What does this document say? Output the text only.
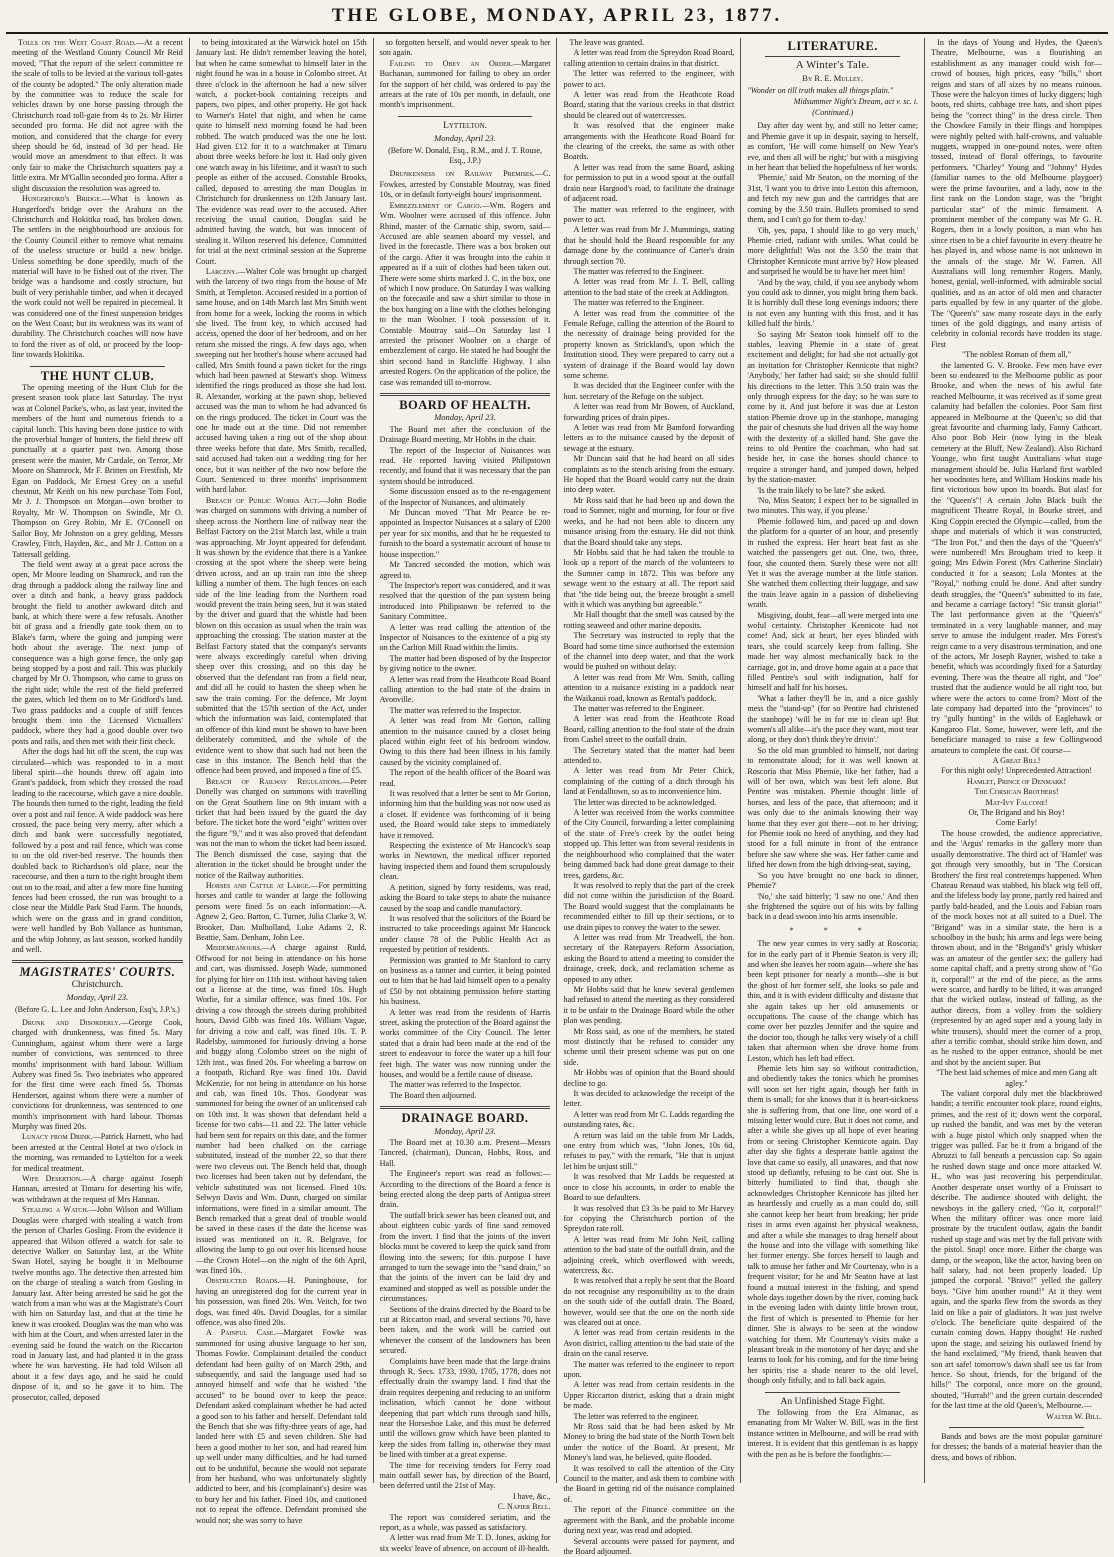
THE GLOBE, MONDAY, APRIL 23, 1877.

Tolls on the West Coast Road.—At a recent meeting of the Westland County Council Mr Reid moved, "That the report of the select committee re the scale of tolls to be levied at the various toll-gates of the county be adopted." The only alteration made by the committee was to reduce the scale for vehicles drawn by one horse passing through the Christchurch road toll-gate from 4s to 2s. Mr Hirter seconded pro forma. He did not agree with the motion, and considered that the charge for every sheep should be 6d, instead of 3d per head. He would move an amendment to that effect. It was only fair to make the Christchurch squatters pay a little extra. Mr M'Gallin seconded pro forma. After a slight discussion the resolution was agreed to.

Hungerford's Bridge.—What is known as Hungerford's bridge over the Arahura on the Christchurch and Hokitika road, has broken down. The settlers in the neighbourhood are anxious for the County Council either to remove what remains of the useless structure or build a new bridge. Unless something be done speedily, much of the material will have to be fished out of the river. The bridge was a handsome and costly structure, but built of very perishable timber, and when it decayed the work could not well be repaired in piecemeal. It was considered one of the finest suspension bridges on the West Coast; but its weakness was its want of durability. The Christchurch coaches will now have to ford the river as of old, or proceed by the loop-line towards Hokitika.

THE HUNT CLUB.

The opening meeting of the Hunt Club for the present season took place last Saturday. The tryst was at Colonel Packe's, who, as last year, invited the members of the hunt and numerous friends to a capital lunch. This having been done justice to with the proverbial hunger of hunters, the field threw off punctually at a quarter past two. Among those present were the master, Mr Cardale, on Terror, Mr Moore on Shamrock, Mr F. Britten on Frestfish, Mr Egan on Paddock, Mr Ernest Grey on a useful chestnut, Mr Keith on his new purchase Tom Fool, Mr J. J. Thompson on Morgan—own brother to Royalty, Mr W. Thompson on Swindle, Mr O. Thompson on Grey Robin, Mr E. O'Connell on Sailor Boy, Mr Johnston on a grey gelding, Messrs Crawley, Fitch, Hayden, &c., and Mr J. Cotton on a Tattersall gelding.

The field went away at a great pace across the open, Mr Moore leading on Shamrock, and ran the drag through a paddock along the railway line and over a ditch and bank, a heavy grass paddock brought the field to another awkward ditch and bank, at which there were a few refusals. Another bit of grass and a friendly gate took them on to Blake's farm, where the going and jumping were both about the average. The next jump of consequence was a high gorse fence, the only gap being stopped by a post and rail. This was pluckily charged by Mr O. Thompson, who came to grass on the right side; while the rest of the field preferred the gates, which led them on to Mr Gridford's land. Two grass paddocks and a couple of stiff fences brought them into the Licensed Victuallers' paddock, where they had a good double over two posts and rails, and then met with their first check.

After the dogs had hit off the scent, the cup was circulated—which was responded to in a most liberal spirit—the hounds threw off again into Grant's paddock, from which they crossed the road leading to the racecourse, which gave a nice double. The hounds then turned to the right, leading the field over a post and rail fence. A wide paddock was here crossed, the pace being very merry, after which a ditch and bank were successfully negotiated, followed by a post and rail fence, which was come to on the old river-bed reserve. The hounds then doubled back to Richardson's old place, near the racecourse, and then a turn to the right brought them out on to the road, and after a few more fine hunting fences had been crossed, the run was brought to a close near the Middle Park Stud Farm. The hounds, which were on the grass and in grand condition, were well handled by Bob Vallance as huntsman, and the whip Johnny, as last season, worked handily and well.

MAGISTRATES' COURTS.
Christchurch.
Monday, April 23.
(Before G. L. Lee and John Anderson, Esq's, J.P.'s.)

Drunk and Disorderly.—George Cook, charged with drunkenness, was fined 5s. Mary Cunningham, against whom there were a large number of convictions, was sentenced to three months' imprisonment with hard labour. William Aubrey was fined 5s. Two inebriates who appeared for the first time were each fined 5s. Thomas Henderson, against whom there were a number of convictions for drunkenness, was sentenced to one month's imprisonment with hard labour. Thomas Murphy was fined 20s.

Lunacy from Drink.—Patrick Harnett, who had been arrested at the Central Hotel at two o'clock in the morning, was remanded to Lyttelton for a week for medical treatment.

Wife Desertion.—A charge against Joseph Hannan, arrested at Timaru for deserting his wife, was withdrawn at the request of Mrs Hannan.

Stealing a Watch.—John Wilson and William Douglas were charged with stealing a watch from the person of Charles Gosling. From the evidence it appeared that Wilson offered a watch for sale to detective Walker on Saturday last, at the White Swan Hotel, saying he bought it in Melbourne twelve months ago. The detective then arrested him on the charge of stealing a watch from Gosling in January last. After being arrested he said he got the watch from a man who was at the Magistrate's Court with him on Saturday last, and that at the time he knew it was crooked. Douglas was the man who was with him at the Court, and when arrested later in the evening said he found the watch on the Riccarton road in January last, and had planted it in the grass where he was harvesting. He had told Wilson all about it a few days ago, and he said he could dispose of it, and so he gave it to him. The prosecutor, called, deposed

to being intoxicated at the Warwick hotel on 15th January last. He didn't remember leaving the hotel, but when he came somewhat to himself later in the night found he was in a house in Colombo street. At three o'clock in the afternoon he had a new silver watch, a pocket-book containing receipts and papers, two pipes, and other property. He got back to Warner's Hotel that night, and when he came quite to himself next morning found he had been robbed. The watch produced was the one he lost. Had given £12 for it to a watchmaker at Timaru about three weeks before he lost it. Had only given one watch away in his lifetime, and it wasn't to such people as either of the accused. Constable Brooks, called, deposed to arresting the man Douglas in Christchurch for drunkenness on 12th January last. The evidence was read over to the accused. After receiving the usual caution, Douglas said he admitted having the watch, but was innocent of stealing it. Wilson reserved his defence. Committed for trial at the next criminal session at the Supreme Court.

Larceny.—Walter Cole was brought up charged with the larceny of two rings from the house of Mr Smith, at Templeton. Accused resided in a portion of same house, and on 14th March last Mrs Smith went from home for a week, locking the rooms in which she lived. The front key, to which accused had access, opened the door of her bedroom, and on her return she missed the rings. A few days ago, when sweeping out her brother's house where accused had called, Mrs Smith found a pawn ticket for the rings which had been pawned at Stewart's shop. Witness identified the rings produced as those she had lost. R. Alexander, working at the pawn shop, believed accused was the man to whom he had advanced 6s on the rings produced. The ticket in Court was the one he made out at the time. Did not remember accused having taken a ring out of the shop about three weeks before that date. Mrs Smith, recalled, said accused had taken out a wedding ring for her once, but it was neither of the two now before the Court. Sentenced to three months' imprisonment with hard labor.

Breach of Public Works Act.—John Bodie was charged on summons with driving a number of sheep across the Northern line of railway near the Belfast Factory on the 21st March last, while a train was approaching. Mr Joynt appeared for defendant. It was shown by the evidence that there is a Yankee crossing at the spot where the sheep were being driven across, and an up train ran into the sheep killing a number of them. The high fences on each side of the line leading from the Northern road would prevent the train being seen, but it was stated by the driver and guard that the whistle had been blown on this occasion as usual when the train was approaching the crossing. The station master at the Belfast Factory stated that the company's servants were always exceedingly careful when driving sheep over this crossing, and on this day he observed that the defendant ran from a field near, and did all he could to hasten the sheep when he saw the train coming. For the defence, Mr Joynt submitted that the 157th section of the Act, under which the information was laid, contemplated that an offence of this kind must be shown to have been deliberately committed, and the whole of the evidence went to show that such had not been the case in this instance. The Bench held that the offence had been proved, and imposed a fine of £5.

Breach of Railway Regulations.—Peter Donelly was charged on summons with travelling on the Great Southern line on 9th instant with a ticket that had been issued by the guard the day before. The ticket bore the word "eight" written over the figure "9," and it was also proved that defendant was not the man to whom the ticket had been issued. The Bench dismissed the case, saying that the alteration in the ticket should be brought under the notice of the Railway authorities.

Horses and Cattle at Large.—For permitting horses and cattle to wander at large the following persons were fined 5s on each information:—A. Agnew 2, Geo. Barton, C. Turner, Julia Clarke 3, W. Brooker, Dan. Mulholland, Luke Adams 2, R. Beattie, Sam. Denham, John Lee.

Misdemeanours.—A charge against Rudd, Offwood for not being in attendance on his horse and cart, was dismissed. Joseph Wade, summoned for plying for hire on 11th inst. without having taken out a license at the time, was fined 10s. Hugh Worlie, for a similar offence, was fined 10s. For driving a cow through the streets during prohibited hours, David Gibb was fined 10s. William Vague, for driving a cow and calf, was fined 10s. T. P. Radelsby, summoned for furiously driving a horse and buggy along Colombo street on the night of 12th inst., was fined 20s. For wheeling a barrow on a footpath, Richard Rye was fined 10s. David McKenzie, for not being in attendance on his horse and cab, was fined 10s. Thos. Goodyear was summoned for being the owner of an unlicensed cab on 10th inst. It was shown that defendant held a license for two cabs—11 and 22. The latter vehicle had been sent for repairs on this date, and the former number had been chalked on the carriage substituted, instead of the number 22, so that there were two cleveus out. The Bench held that, though two licenses had been taken out by defendant, the vehicle substituted was not licensed. Fined 10s. Selwyn Davis and Wm. Dunn, charged on similar informations, were fined in a similar amount. The Bench remarked that a great deal of trouble would be saved in these cases if the date the license was issued was mentioned on it. R. Belgrave, for allowing the lamp to go out over his licensed house—the Crown Hotel—on the night of the 6th April, was fined 10s.

Obstructed Roads.—H. Puninghouse, for having an unregistered dog for the current year in his possession, was fined 20s. Wm. Veitch, for two dogs, was fined 40s. David Douglas, for a similar offence, was also fined 20s.

A Painful Case.—Margaret Fowke was summoned for using abusive language to her son, Thomas Fowke. Complainant detailed the conduct defendant had been guilty of on March 29th, and subsequently, and said the language used had so annoyed himself and wife that he wished "the accused" to be bound over to keep the peace. Defendant asked complainant whether he had acted a good son to his father and herself. Defendant told the Bench that she was fifty-three years of age, had landed here with £5 and seven children. She had been a good mother to her son, and had reared him up well under many difficulties, and he had turned out to be undutiful, because she would not separate from her husband, who was unfortunately slightly addicted to beer, and his (complainant's) desire was to bury her and his father. Fined 10s, and cautioned not to repeat the offence. Defendant promised she would not; she was sorry to have

so forgotten herself, and would never speak to her son again.

Failing to Obey an Order.—Margaret Buchanan, summoned for failing to obey an order for the support of her child, was ordered to pay the arrears at the rate of 10s per month, in default, one month's imprisonment.

Lyttelton.
Monday, April 23.
(Before W. Donald, Esq., R.M., and J. T. Rouse, Esq., J.P.)

Drunkenness on Railway Premises.—C. Fowkes, arrested by Constable Moutray, was fined 10s, or in default forty-eight hours' imprisonment.

Embezzlement of Cargo.—Wm. Rogers and Wm. Woolner were accused of this offence. John Rhind, master of the Carnatic ship, sworn, said—Accused are able seamen aboard my vessel, and lived in the forecastle. There was a box broken out of the cargo. After it was brought into the cabin it appeared as if a suit of clothes had been taken out. There were some shirts marked J. C. in the box, one of which I now produce. On Saturday I was walking on the forecastle and saw a shirt similar to those in the box hanging on a line with the clothes belonging to the man Woolner. I took possession of it. Constable Moutray said—On Saturday last I arrested the prisoner Woolner on a charge of embezzlement of cargo. He stated he had bought the shirt second hand in Ratcliffe Highway. I also arrested Rogers. On the application of the police, the case was remanded till to-morrow.

BOARD OF HEALTH.
Monday, April 23.

The Board met after the conclusion of the Drainage Board meeting, Mr Hobbs in the chair.

The report of the Inspector of Nuisances was read. He reported having visited Philipstown recently, and found that it was necessary that the pan system should be introduced.

Some discussion ensued as to the re-engagement of the Inspector of Nuisances, and ultimately

Mr Duncan moved "That Mr Pearce be re-appointed as Inspector Nuisances at a salary of £200 per year for six months, and that he be requested to furnish to the board a systematic account of house to house inspection."

Mr Tancred seconded the motion, which was agreed to.

The Inspector's report was considered, and it was resolved that the question of the pan system being introduced into Philipstown be referred to the Sanitary Committee.

A letter was read calling the attention of the Inspector of Nuisances to the existence of a pig sty on the Carlton Mill Road within the limits.

The matter had been disposed of by the Inspector by giving notice to the owner.

A letter was read from the Heathcote Road Board calling attention to the bad state of the drains in Avonville.

The matter was referred to the Inspector.

A letter was read from Mr Gorton, calling attention to the nuisance caused by a closet being placed within eight feet of his bedroom window. Owing to this there had been illness in his family caused by the vicinity complained of.

The report of the health officer of the Board was read.

It was resolved that a letter be sent to Mr Gorton, informing him that the building was not now used as a closet. If evidence was forthcoming of it being used, the Board would take steps to immediately have it removed.

Respecting the existence of Mr Hancock's soap works in Newtown, the medical officer reported having inspected them and found them scrupulously clean.

A petition, signed by forty residents, was read, asking the Board to take steps to abate the nuisance caused by the soap and candle manufactory.

It was resolved that the solicitors of the Board be instructed to take proceedings against Mr Hancock under clause 78 of the Public Health Act as requested by petition of residents.

Permission was granted to Mr Stanford to carry on business as a tanner and currier, it being pointed out to him that he had laid himself open to a penalty of £50 by not obtaining permission before starting his business.

A letter was read from the residents of Harris street, asking the protection of the Board against the works committee of the City Council. The letter stated that a drain had been made at the end of the street to endeavour to force the water up a hill four feet high. The water was now running under the houses, and would be a fertile cause of disease.

The matter was referred to the Inspector.

The Board then adjourned.

DRAINAGE BOARD.
Monday, April 23.

The Board met at 10.30 a.m. Present—Messrs Tancred, (chairman), Duncan, Hobbs, Ross, and Hall.

The Engineer's report was read as follows:—According to the directions of the Board a fence is being erected along the deep parts of Antigua street drain.

The outfall brick sewer has been cleaned out, and about eighteen cubic yards of fine sand removed from the invert. I find that the joints of the invert blocks must be covered to keep the quick sand from flowing into the sewers; for this purpose I have arranged to turn the sewage into the "sand drain," so that the joints of the invert can be laid dry and examined and stopped as well as possible under the circumstances.

Sections of the drains directed by the Board to be cut at Riccarton road, and several sections 70, have been taken, and the work will be carried out whenever the consent of the landowners has been secured.

Complaints have been made that the large drains through R. Secs. 1733, 1930, 1705, 1778, does not effectually drain the swampy land. I find that the drain requires deepening and reducing to an uniform inclination, which cannot be done without deepening that part which runs through sand hills, near the Horseshoe Lake, and this must be deferred until the willows grow which have been planted to keep the sides from falling in, otherwise they must be lined with timber at a great expense.

The time for receiving tenders for Ferry road main outfall sewer has, by direction of the Board, been deferred until the 21st of May.

I have, &c.,

C. Napier Bell.

The report was considered seriatim, and the report, as a whole, was passed as satisfactory.

A letter was read from Mr T. D. Jones, asking for six weeks' leave of absence, on account of ill-health.

The leave was granted.

A letter was read from the Spreydon Road Board, calling attention to certain drains in that district.

The letter was referred to the engineer, with power to act.

A letter was read from the Heathcote Road Board, stating that the various creeks in that district should be cleared out of watercresses.

It was resolved that the engineer make arrangements with the Heathcote Road Board for the clearing of the creeks, the same as with other Boards.

A letter was read from the same Board, asking for permission to put in a wood spout at the outfall drain near Hargood's road, to facilitate the drainage of adjacent road.

The matter was referred to the engineer, with power to act.

A letter was read from Mr J. Mummings, stating that he should hold the Board responsible for any damage done by the continuance of Carter's drain through section 70.

The matter was referred to the Engineer.

A letter was read from Mr J. T. Bell, calling attention to the bad state of the creek at Addington.

The matter was referred to the Engineer.

A letter was read from the committee of the Female Refuge, calling the attention of the Board to the necessity of drainage being provided for the property known as Strickland's, upon which the Institution stood. They were prepared to carry out a system of drainage if the Board would lay down some scheme.

It was decided that the Engineer confer with the hon. secretary of the Refuge on the subject.

A letter was read from Mr Bowen, of Auckland, forwarding prices of drain pipes.

A letter was read from Mr Bamford forwarding letters as to the nuisance caused by the deposit of sewage at the estuary.

Mr Duncan said that he had heard on all sides complaints as to the stench arising from the estuary. He hoped that the Board would carry out the drain into deep water.

Mr Ross said that he had been up and down the road to Sumner, night and morning, for four or five weeks, and he had not been able to discern any nuisance arising from the estuary. He did not think that the Board should take any steps.

Mr Hobbs said that he had taken the trouble to look up a report of the march of the volunteers to the Sumner camp in 1872. This was before any sewage went to the estuary at all. The report said that "the tide being out, the breeze brought a smell with it which was anything but agreeable."

Mr Hall thought that the smell was caused by the rotting seaweed and other marine deposits.

The Secretary was instructed to reply that the Board had some time since authorised the extension of the channel into deep water, and that the work would be pushed on without delay.

A letter was read from Mr Wm. Smith, calling attention to a nuisance existing in a paddock near the Waikanui road, known as Rental's paddock.

The matter was referred to the Engineer.

A letter was read from the Heathcote Road Board, calling attention to the foul state of the drain from Cashel street to the outfall drain.

The Secretary stated that the matter had been attended to.

A letter was read from Mr Peter Chick, complaining of the cutting of a ditch through his land at Fendalltown, so as to inconvenience him.

The letter was directed to be acknowledged.

A letter was received from the works committee of the City Council, forwarding a letter complaining of the state of Free's creek by the outlet being stopped up. This letter was from several residents in the neighbourhood who complained that the water being dammed back had done great damage to their trees, gardens, &c.

It was resolved to reply that the part of the creek did not come within the jurisdiction of the Board. The Board would suggest that the complainants be recommended either to fill up their sections, or to use drain pipes to convey the water to the sewer.

A letter was read from Mr Treadwell, the hon. secretary of the Ratepayers Reform Association, asking the Board to attend a meeting to consider the drainage, creek, dock, and reclamation scheme as opposed to any other.

Mr Hobbs said that he knew several gentlemen had refused to attend the meeting as they considered it to be unfair to the Drainage Board while the other plan was pending.

Mr Ross said, as one of the members, he stated most distinctly that he refused to consider any scheme until their present scheme was put on one side.

Mr Hobbs was of opinion that the Board should decline to go.

It was decided to acknowledge the receipt of the letter.

A letter was read from Mr C. Ladds regarding the outstanding rates, &c.

A return was laid on the table from Mr Ladds, one entry from which was, "John Jones, 10s 6d, refuses to pay," with the remark, "He that is unjust let him be unjust still."

It was resolved that Mr Ladds be requested at once to close his accounts, in order to enable the Board to sue defaulters.

It was resolved that £3 3s be paid to Mr Harvey for copying the Christchurch portion of the Spreydon rate roll.

A letter was read from Mr John Neil, calling attention to the bad state of the outfall drain, and the adjoining creek, which overflowed with weeds, watercress, &c.

It was resolved that a reply be sent that the Board do not recognise any responsibility as to the drain on the south side of the outfall drain. The Board, however, would see that the one on the north side was cleared out at once.

A letter was read from certain residents in the Avon district, calling attention to the bad state of the drain on the canal reserve.

The matter was referred to the engineer to report upon.

A letter was read from certain residents in the Upper Riccarton district, asking that a drain might be made.

The letter was referred to the engineer.

Mr Ross said that he had been asked by Mr Money to bring the bad state of the North Town belt under the notice of the Board. At present, Mr Money's land was, he believed, quite flooded.

It was resolved to call the attention of the City Council to the matter, and ask them to combine with the Board in getting rid of the nuisance complained of.

The report of the Finance committee on the agreement with the Bank, and the probable income during next year, was read and adopted.

Several accounts were passed for payment, and the Board adjourned.

LITERATURE.
A Winter's Tale.
By R. E. Mulley.

"Wonder on till truth makes all things plain."

Midsummer Night's Dream, act v. sc. i.

(Continued.)

Day after day went by, and still no letter came; and Phemie gave it up in despair, saying to herself, as comfort, 'He will come himself on New Year's eve, and then all will be right;' but with a misgiving in her heart that belied the hopefulness of her words.

'Phemie,' said Mr Seaton, on the morning of the 31st, 'I want you to drive into Leston this afternoon, and fetch my new gun and the cartridges that are coming by the 3.50 train. Bullets promised to send them, and I can't go for them to-day.'

'Oh, yes, papa, I should like to go very much,' Phemie cried, radiant with smiles. What could be more delightful! Was not the 3.50 the train that Christopher Kennicote must arrive by? How pleased and surprised he would be to have her meet him!

'And by the way, child, if you see anybody whom you could ask to dinner, you might bring them back. It is horribly dull these long evenings indoors; there is not even any hunting with this frost, and it has killed half the birds.'

So saying Mr Seaton took himself off to the stables, leaving Phemie in a state of great excitement and delight; for had she not actually got an invitation for Christopher Kennicote that night? 'Anybody,' her father had said; so she should fulfil his directions to the letter. This 3.50 train was the only through express for the day; so he was sure to come by it. And just before it was due at Leston station Phemie drove up in the stanhope, managing the pair of chesnuts she had driven all the way home with the dexterity of a skilled hand. She gave the reins to old Pentire the coachman, who had sat beside her, in case the horses should chance to require a stronger hand, and jumped down, helped by the station-master.

'Is the train likely to be late?' she asked.

'No, Miss Seaton; I expect her to be signalled in two minutes. This way, if you please.'

Phemie followed him, and paced up and down the platform for a quarter of an hour, and presently in rushed the express. Her heart beat fast as she watched the passengers get out. One, two, three, four, she counted them. Surely these were not all! Yet it was the average number at the little station. She watched them collecting their luggage, and saw the train leave again in a passion of disbelieving wrath.

Misgiving, doubt, fear—all were merged into one woful certainty. Christopher Kennicote had not come! And, sick at heart, her eyes blinded with tears, she could scarcely keep from falling. She made her way almost mechanically back to the carriage, got in, and drove home again at a pace that filled Pentire's soul with indignation, half for himself and half for his horses.

'What a lather they'll be in, and a nice gashly mess the "stand-up" (for so Pentire had christened the stanhope) 'will be in for me to clean up! But women's all alike—it's the pace they want, most tear along, or they don't think they're drivin'.'

So the old man grumbled to himself, not daring to remonstrate aloud; for it was well known at Roscoria that Miss Phemie, like her father, had a will of her own, which was best left alone. But Pentire was mistaken. Phemie thought little of horses, and less of the pace, that afternoon; and it was only due to the animals knowing their way home that they ever got there—not to her driving; for Phemie took no heed of anything, and they had stood for a full minute in front of the entrance before she saw where she was. Her father came and lifted her down from the high driving-seat, saying,

'So you have brought no one back to dinner, Phemie?'

'No,' she said bitterly; 'I saw no one.' And then she frightened the squire out of his wits by falling back in a dead swoon into his arms insensible.

* * *

The new year comes in very sadly at Roscoria; for in the early part of it Phemie Seaton is very ill; and when she leaves her room again—where she has been kept prisoner for nearly a month—she is but the ghost of her former self, she looks so pale and thin, and it is with evident difficulty and distaste that she again takes up her old amusements or occupations. The cause of the change which has come over her puzzles Jennifer and the squire and the doctor too, though he talks very wisely of a chill taken that afternoon when she drove home from Leston, which has left bad effect.

Phemie lets him say so without contradiction, and obediently takes the tonics which he promises will soon set her right again, though her faith in them is small; for she knows that it is heart-sickness she is suffering from, that one line, one word of a missing letter would cure. But it does not come, and after a while she gives up all hope of ever hearing from or seeing Christopher Kennicote again. Day after day she fights a desperate battle against the love that came so easily, all unawares, and that now stood up defiantly, refusing to be cast out. She is bitterly humiliated to find that, though she acknowledges Christopher Kennicote has jilted her as heartlessly and cruelly as a man could do, still she cannot keep her heart from breaking; her pride rises in arms even against her physical weakness, and after a while she manages to drag herself about the house and into the village with something like her former energy. She forces herself to laugh and talk to amuse her father and Mr Courtenay, who is a frequent visitor; for he and Mr Seaton have at last found a mutual interest in the fishing, and spend whole days together down by the river, coming back in the evening laden with dainty little brown trout, the first of which is presented to Phemie for her dinner. She is always to be seen at the window watching for them. Mr Courtenay's visits make a pleasant break in the monotony of her days; and she learns to look for his coming, and for the time being her spirits rise a shade nearer to the old level, though only fitfully, and to fall back again.

An Unfinished Stage Fight.

The following from the Era Almanac, as emanating from Mr Walter W. Bill, was in the first instance written in Melbourne, and will be read with interest. It is evident that this gentleman is as happy with the pen as he is before the footlights:—

In the days of Young and Hydes, the Queen's Theatre, Melbourne, was a flourishing an establishment as any manager could wish for—crowd of houses, high prices, easy "bills," short reigns and stars of all sizes by no means ruinous. Those were the halcyon times of lucky diggers; high boots, red shirts, cabbage tree hats, and short pipes being the "correct thing" in the dress circle. Then the Chowkee Family in their flings and hornpipes were nightly pelted with half-crowns, and valuable nuggets, wrapped in one-pound notes, were often tossed, instead of floral offerings, to favourite performers. "Charley" Young and "Johnny" Hydes (familiar names to the old Melbourne playgoer) were the prime favourites, and a lady, now in the first rank on the London stage, was the "bright particular star" of the mimic firmament. A prominent member of the company was Mr G. H. Rogers, then in a lowly position, a man who has since risen to be a chief favourite in every theatre he has played in, and whose name is not unknown in the annals of the stage. Mr W. Farren. All Australians will long remember Rogers. Manly, honest, genial, well-informed, with admirable social qualities, and as an actor of old men and character parts equalled by few in any quarter of the globe. The "Queen's" saw many roseate days in the early times of the gold diggings, and many artists of celebrity in colonial records have trodden its stage. First

"The noblest Roman of them all,"

the lamented G. V. Brooke. Few men have ever been so endeared to the Melbourne public as poor Brooke, and when the news of his awful fate reached Melbourne, it was received as if some great calamity had befallen the colonies. Poor Sam first appeared in Melbourne at the Queen's; so did that great favourite and charming lady, Fanny Cathcart. Also poor Bob Heir (now lying in the bleak cemetery at the Bluff, New Zealand). Also Richard Younge, who first taught Australians what stage management should be. Julia Harland first warbled her woodnotes here, and William Hoskins made his first victorious bow upon its boards. But alas! for the "Queen's"! A certain John Black built the magnificent Theatre Royal, in Bourke street, and King Coppin erected the Olympic—called, from the shape and materials of which it was constructed, "The Iron Pot," and then the days of the "Queen's" were numbered! Mrs Brougham tried to keep it going; Mrs Edwin Forest (Mrs Catherine Sinclair) conducted it for a season; Lola Montes at the "Royal," nothing could be done. And after sundry death struggles, the "Queen's" submitted to its fate, and became a carriage factory! "Sic transit gloria!" The last performance given at the "Queen's" terminated in a very laughable manner, and may serve to amuse the indulgent reader. Mrs Forest's reign came to a very disastrous termination, and one of the actors, Mr Joseph Rayner, wished to take a benefit, which was accordingly fixed for a Saturday evening. There was the theatre all right, and "Joe" trusted that the audience would be all right too, but where were the actors to come from? Most of the late company had departed into the "provinces" to try "gully hunting" in the wilds of Eaglehawk or Kangaroo Flat. Some, however, were left, and the beneficiare managed to raise a few Collingwood amateurs to complete the cast. Of course—

A Great Bill!

For this night only! Unprecedented Attraction!

Hamlet, Prince of Denmark!

The Corsican Brothers!

Mat-Ivy Falcone!

Or, The Brigand and his Boy!

Come Early!

The house crowded, the audience appreciative, and the 'Argus' remarks in the gallery more than usually demonstrative. The third act of 'Hamlet' was got through very smoothly, but in 'The Corsican Brothers' the first real contretemps happened. When Chateau Renaud was stabbed, his black wig fell off, and the lifeless body lay prone, partly red haired and partly bald-headed, and the Louis and Fabian roars of the mock boxes not at all suited to a Duel. The "Brigand" was in a similar state, the hero is a schoolboy in the bush; his arms and legs were being thrown about, and in the "Brigand's" grisly whisker was an amateur of the gentler sex: the gallery had some capital chaff, and a pretty strong show of "Go it, corporal!" at the end of the piece, as the arms were scarce, and hardly to be lifted, it was arranged that the wicked outlaw, instead of falling, as the author directs, from a volley from the soldiery (represented by an aged super and a young lady in white trousers), should meet the corner of a prop, after a terrific combat, should strike him down, and as he rushed to the upper entrance, should be met and shot by the ancient super. But

"The best laid schemes of mice and men Gang aft agley."

The valiant corporal duly met the blackbrowed bandit; a terrific encounter took place, round eights, primes, and the rest of it; down went the corporal, up rushed the bandit, and was met by the veteran with a huge pistol which only snapped when the trigger was pulled. Far be it from a brigand of the Abruzzi to fall beneath a percussion cap. So again he rushed down stage and once more attacked W. H., who was just recovering his perpendicular. Another desperate onset worthy of a Froissart to describe. The audience shouted with delight, the newsboys in the gallery cried, "Go it, corporal!" When the military officer was once more laid prostrate by the truculent outlaw, again the bandit rushed up stage and was met by the full private with the pistol. Snap! once more. Either the charge was damp, or the weapon, like the actor, having been on half salary, had not been properly loaded. Up jumped the corporal. "Bravo!" yelled the gallery boys. "Give him another round!" At it they went again, and the sparks flew from the swords as they laid on like a pair of gladiators. It was just twelve o'clock. The beneficiare quite despaired of the curtain coming down. Happy thought! He rushed upon the stage, and seizing his outlawed friend by the hand exclaimed, "My friend, thank heaven that son art safe! tomorrow's dawn shall see us far from hence. So shout, friends, for the brigand of the hills!" The corporal, once more on the ground, shouted, "Hurrah!" and the green curtain descended for the last time at the old Queen's, Melbourne.—

Walter W. Bill.

Bands and bows are the most popular garniture for dresses; the bands of a material heavier than the dress, and bows of ribbon.
